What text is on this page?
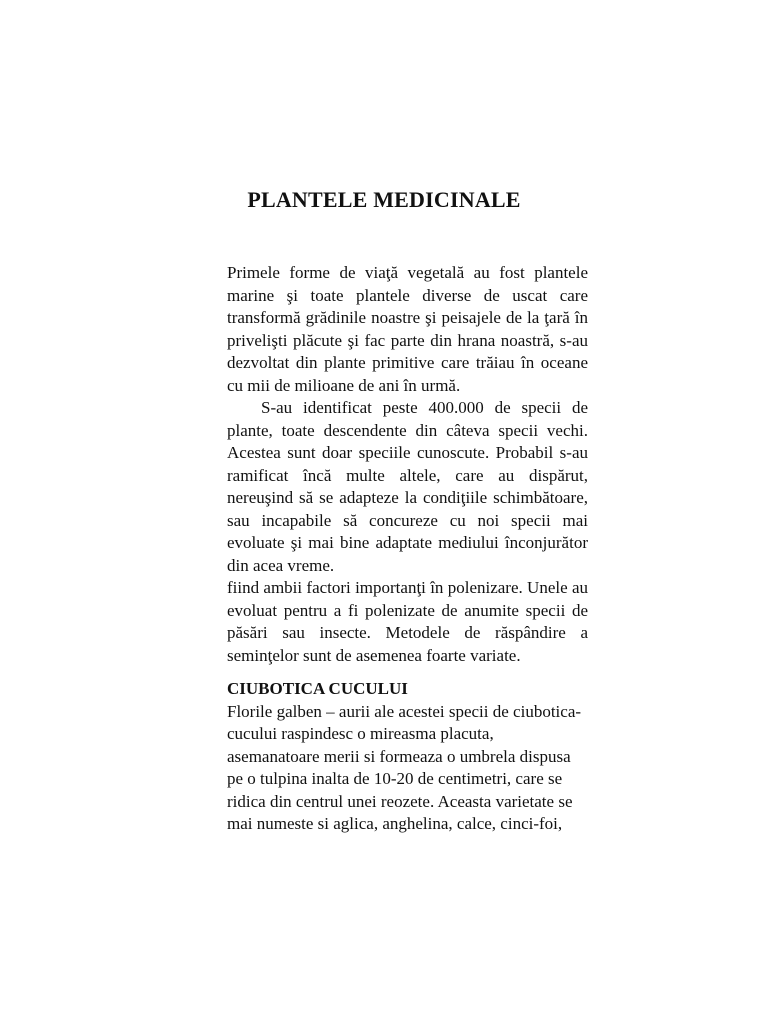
PLANTELE MEDICINALE

Primele forme de viaţă vegetală au fost plantele marine şi toate plantele diverse de uscat care transformă grădinile noastre şi peisajele de la ţară în privelişti plăcute şi fac parte din hrana noastră, s-au dezvoltat din plante primitive care trăiau în oceane cu mii de milioane de ani în urmă.

S-au identificat peste 400.000 de specii de plante, toate descendente din câteva specii vechi. Acestea sunt doar speciile cunoscute. Probabil s-au ramificat încă multe altele, care au dispărut, nereuşind să se adapteze la condiţiile schimbătoare, sau incapabile să concureze cu noi specii mai evoluate şi mai bine adaptate mediului înconjurător din acea vreme.

fiind ambii factori importanţi în polenizare. Unele au evoluat pentru a fi polenizate de anumite specii de păsări sau insecte. Metodele de răspândire a seminţelor sunt de asemenea foarte variate.

CIUBOTICA CUCULUI

Florile galben – aurii ale acestei specii de ciubotica-cucului raspindesc o mireasma placuta, asemanatoare merii si formeaza o umbrela dispusa pe o tulpina inalta de 10-20 de centimetri, care se ridica din centrul unei reozete. Aceasta varietate se mai numeste si aglica, anghelina, calce, cinci-foi,
